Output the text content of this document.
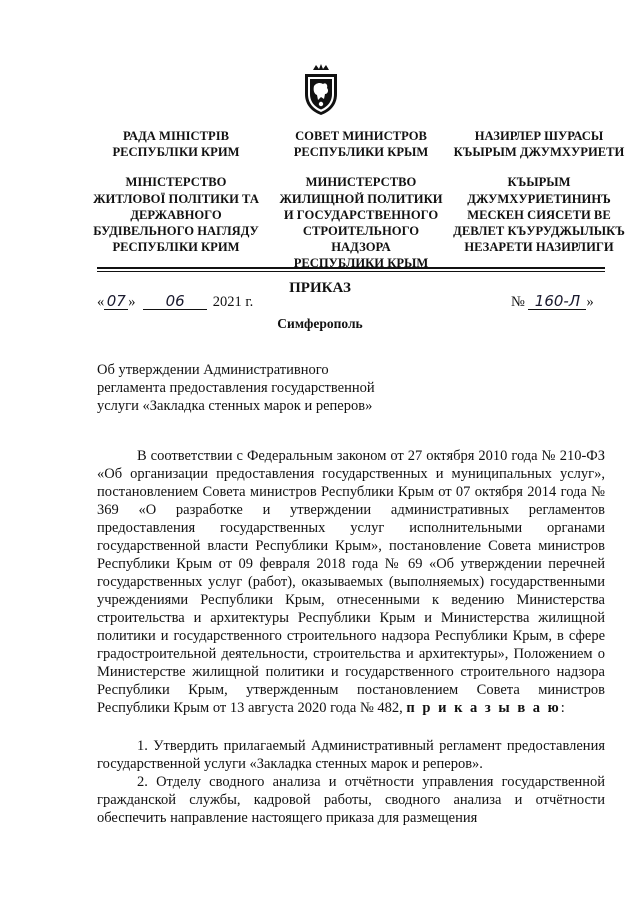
РАДА МІНІСТРІВ
РЕСПУБЛІКИ КРИМ
МІНІСТЕРСТВО
ЖИТЛОВОЇ ПОЛІТИКИ ТА
ДЕРЖАВНОГО
БУДІВЕЛЬНОГО НАГЛЯДУ
РЕСПУБЛІКИ КРИМ
СОВЕТ МИНИСТРОВ
РЕСПУБЛИКИ КРЫМ
МИНИСТЕРСТВО
ЖИЛИЩНОЙ ПОЛИТИКИ
И ГОСУДАРСТВЕННОГО
СТРОИТЕЛЬНОГО
НАДЗОРА
РЕСПУБЛИКИ КРЫМ
НАЗИРЛЕР ШУРАСЫ
КЪЫРЫМ ДЖУМХУРИЕТИ
КЪЫРЫМ
ДЖУМХУРИЕТИНИНЪ
МЕСКЕН СИЯСЕТИ ВЕ
ДЕВЛЕТ КЪУРУДЖЫЛЫКЪ
НЕЗАРЕТИ НАЗИРЛИГИ
ПРИКАЗ
« 07 » 06 2021 г.	№ 160-Л »
Симферополь
Об утверждении Административного
регламента предоставления государственной
услуги «Закладка стенных марок и реперов»

В соответствии с Федеральным законом от 27 октября 2010 года № 210-ФЗ «Об организации предоставления государственных и муниципальных услуг», постановлением Совета министров Республики Крым от 07 октября 2014 года № 369 «О разработке и утверждении административных регламентов предоставления государственных услуг исполнительными органами государственной власти Республики Крым», постановление Совета министров Республики Крым от 09 февраля 2018 года № 69 «Об утверждении перечней государственных услуг (работ), оказываемых (выполняемых) государственными учреждениями Республики Крым, отнесенными к ведению Министерства строительства и архитектуры Республики Крым и Министерства жилищной политики и государственного строительного надзора Республики Крым, в сфере градостроительной деятельности, строительства и архитектуры», Положением о Министерстве жилищной политики и государственного строительного надзора Республики Крым, утвержденным постановлением Совета министров Республики Крым от 13 августа 2020 года № 482, п р и к а з ы в а ю:

1. Утвердить прилагаемый Административный регламент предоставления государственной услуги «Закладка стенных марок и реперов».

2. Отделу сводного анализа и отчётности управления государственной гражданской службы, кадровой работы, сводного анализа и отчётности обеспечить направление настоящего приказа для размещения
